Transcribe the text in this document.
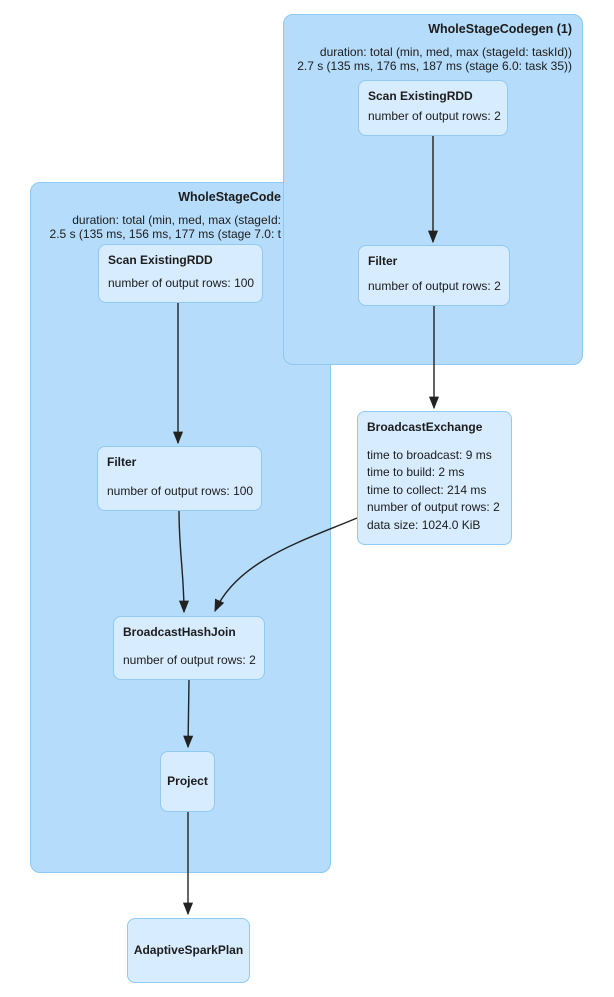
WholeStageCode
duration: total (min, med, max (stageId:
2.5 s (135 ms, 156 ms, 177 ms (stage 7.0: t
WholeStageCodegen (1)
duration: total (min, med, max (stageId: taskId))
2.7 s (135 ms, 176 ms, 187 ms (stage 6.0: task 35))
Scan ExistingRDD
number of output rows: 2
Filter
number of output rows: 2
BroadcastExchange
time to broadcast: 9 ms
time to build: 2 ms
time to collect: 214 ms
number of output rows: 2
data size: 1024.0 KiB
Scan ExistingRDD
number of output rows: 100
Filter
number of output rows: 100
BroadcastHashJoin
number of output rows: 2
Project
AdaptiveSparkPlan
